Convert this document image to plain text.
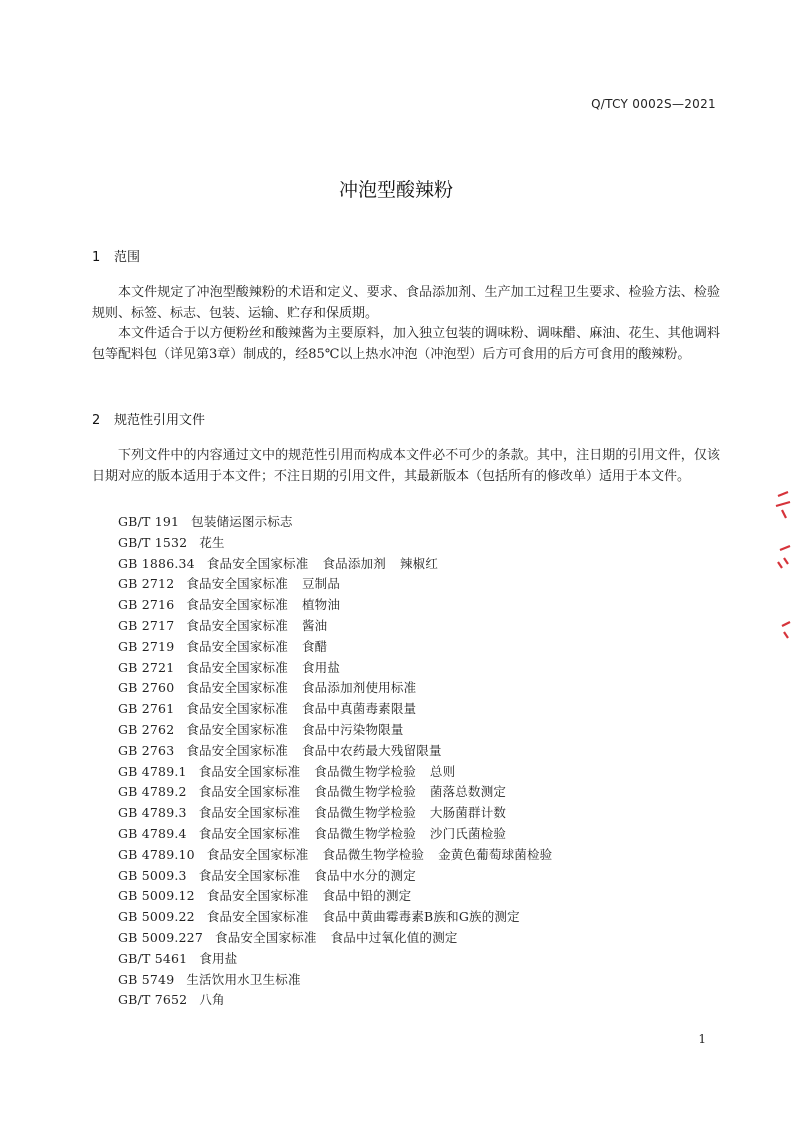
Q/TCY 0002S—2021
冲泡型酸辣粉
1 范围

本文件规定了冲泡型酸辣粉的术语和定义、要求、食品添加剂、生产加工过程卫生要求、检验方法、检验规则、标签、标志、包装、运输、贮存和保质期。

本文件适合于以方便粉丝和酸辣酱为主要原料，加入独立包装的调味粉、调味醋、麻油、花生、其他调料包等配料包（详见第3章）制成的，经85℃以上热水冲泡（冲泡型）后方可食用的后方可食用的酸辣粉。

2 规范性引用文件

下列文件中的内容通过文中的规范性引用而构成本文件必不可少的条款。其中，注日期的引用文件，仅该日期对应的版本适用于本文件；不注日期的引用文件，其最新版本（包括所有的修改单）适用于本文件。

GB/T 191 包装储运图示标志
GB/T 1532 花生
GB 1886.34 食品安全国家标准 食品添加剂 辣椒红
GB 2712 食品安全国家标准 豆制品
GB 2716 食品安全国家标准 植物油
GB 2717 食品安全国家标准 酱油
GB 2719 食品安全国家标准 食醋
GB 2721 食品安全国家标准 食用盐
GB 2760 食品安全国家标准 食品添加剂使用标准
GB 2761 食品安全国家标准 食品中真菌毒素限量
GB 2762 食品安全国家标准 食品中污染物限量
GB 2763 食品安全国家标准 食品中农药最大残留限量
GB 4789.1 食品安全国家标准 食品微生物学检验 总则
GB 4789.2 食品安全国家标准 食品微生物学检验 菌落总数测定
GB 4789.3 食品安全国家标准 食品微生物学检验 大肠菌群计数
GB 4789.4 食品安全国家标准 食品微生物学检验 沙门氏菌检验
GB 4789.10 食品安全国家标准 食品微生物学检验 金黄色葡萄球菌检验
GB 5009.3 食品安全国家标准 食品中水分的测定
GB 5009.12 食品安全国家标准 食品中铅的测定
GB 5009.22 食品安全国家标准 食品中黄曲霉毒素B族和G族的测定
GB 5009.227 食品安全国家标准 食品中过氧化值的测定
GB/T 5461 食用盐
GB 5749 生活饮用水卫生标准
GB/T 7652 八角
1
